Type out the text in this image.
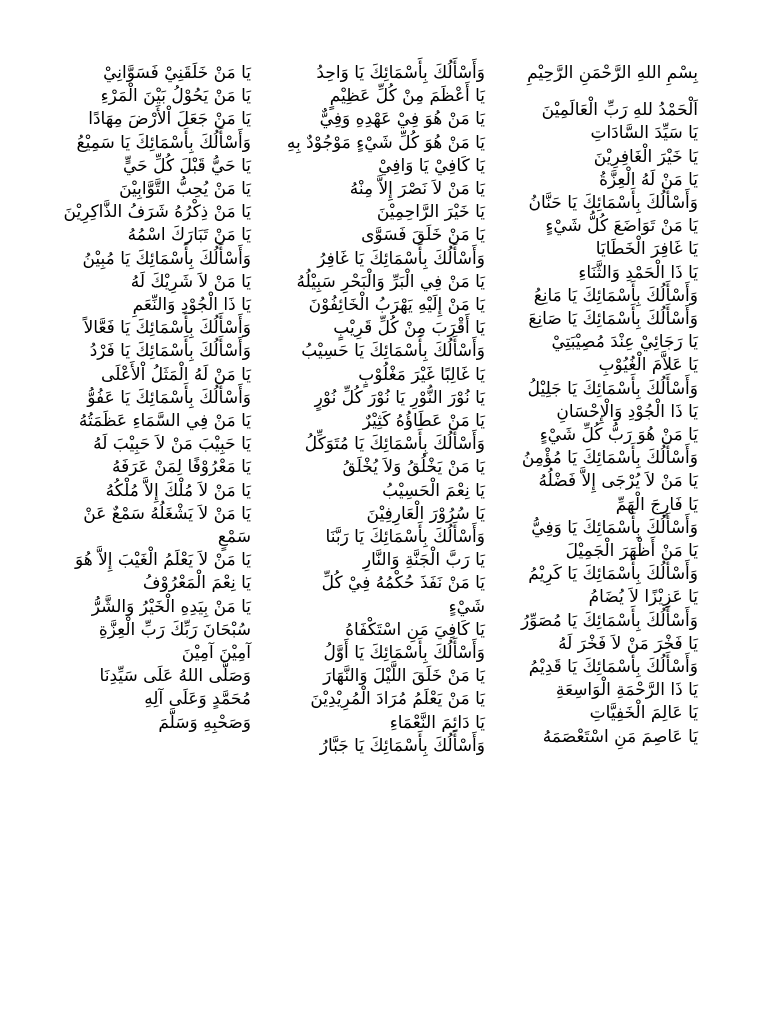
بِسْمِ اللهِ الرَّحْمَنِ الرَّحِيْمِ
اَلْحَمْدُ للهِ رَبِّ الْعَالَمِيْنَ
يَا سَيِّدَ السَّادَاتِ
يَا خَيْرَ الْغَافِرِيْنَ
يَا مَنْ لَهُ الْعِزَّةُ
وَأَسْأَلُكَ بِأَسْمَائِكَ يَا حَنَّانُ
يَا مَنْ تَوَاضَعَ كُلُّ شَيْءٍ
يَا غَافِرَ الْخَطَايَا
يَا ذَا الْحَمْدِ وَالثَّنَاءِ
وَأَسْأَلُكَ بِأَسْمَائِكَ يَا مَانِعُ
وَأَسْأَلُكَ بِأَسْمَائِكَ يَا صَانِعَ
يَا رَجَائِيْ عِنْدَ مُصِيْبَتِيْ
يَا عَلاَّمَ الْغُيُوْبِ
وَأَسْأَلُكَ بِأَسْمَائِكَ يَا جَلِيْلُ
يَا ذَا الْجُوْدِ وَالْإِحْسَانِ
يَا مَنْ هُوَ رَبُّ كُلِّ شَيْءٍ
وَأَسْأَلُكَ بِأَسْمَائِكَ يَا مُؤْمِنُ
يَا مَنْ لاَ يُرْجَى إِلاَّ فَضْلُهُ
يَا فَارِجَ الْهَمِّ
وَأَسْأَلُكَ بِأَسْمَائِكَ يَا وَفِيُّ
يَا مَنْ أَظْهَرَ الْجَمِيْلَ
وَأَسْأَلُكَ بِأَسْمَائِكَ يَا كَرِيْمُ
يَا عَزِيْزًا لاَ يُضَامُ
وَأَسْأَلُكَ بِأَسْمَائِكَ يَا مُصَوِّرُ
يَا فَخْرَ مَنْ لاَ فَخْرَ لَهُ
وَأَسْأَلُكَ بِأَسْمَائِكَ يَا قَدِيْمُ
يَا ذَا الرَّحْمَةِ الْوَاسِعَةِ
يَا عَالِمَ الْخَفِيَّاتِ
يَا عَاصِمَ مَنِ اسْتَعْصَمَهُ
وَأَسْأَلُكَ بِأَسْمَائِكَ يَا وَاحِدُ
يَا أَعْظَمَ مِنْ كُلِّ عَظِيْمٍ
يَا مَنْ هُوَ فِيْ عَهْدِهِ وَفِيٌّ
يَا مَنْ هُوَ كُلِّ شَيْءٍ مَوْجُوْدٌ بِهِ
يَا كَافِيْ يَا وَافِيْ
يَا مَنْ لاَ نَصْرَ إِلاَّ مِنْهُ
يَا خَيْرَ الرَّاحِمِيْنَ
يَا مَنْ خَلَقَ فَسَوَّى
وَأَسْأَلُكَ بِأَسْمَائِكَ يَا غَافِرُ
يَا مَنْ فِي الْبَرِّ وَالْبَحْرِ سَبِيْلُهُ
يَا مَنْ إِلَيْهِ يَهْرَبُ الْخَائِفُوْنَ
يَا أَقْرَبَ مِنْ كُلِّ قَرِيْبٍ
وَأَسْأَلُكَ بِأَسْمَائِكَ يَا حَسِيْبُ
يَا غَالِبًا غَيْرَ مَغْلُوْبٍ
يَا نُوْرَ النُّوْرِ يَا نُوْرَ كُلِّ نُوْرٍ
يَا مَنْ عَطَاؤُهُ كَثِيْرٌ
وَأَسْأَلُكَ بِأَسْمَائِكَ يَا مُتَوَكِّلُ
يَا مَنْ يَخْلُقُ وَلاَ يُخْلَقُ
يَا نِعْمَ الْحَسِيْبُ
يَا سُرُوْرَ الْعَارِفِيْنَ
وَأَسْأَلُكَ بِأَسْمَائِكَ يَا رَبَّنَا
يَا رَبَّ الْجَنَّةِ وَالنَّارِ
يَا مَنْ نَفَذَ حُكْمُهُ فِيْ كُلِّ شَيْءٍ
يَا كَافِيَ مَنِ اسْتَكْفَاهُ
وَأَسْأَلُكَ بِأَسْمَائِكَ يَا أَوَّلُ
يَا مَنْ خَلَقَ اللَّيْلَ وَالنَّهَارَ
يَا مَنْ يَعْلَمُ مُرَادَ الْمُرِيْدِيْنَ
يَا دَائِمَ النَّعْمَاءِ
وَأَسْأَلُكَ بِأَسْمَائِكَ يَا جَبَّارُ
يَا مَنْ خَلَقَنِيْ فَسَوَّانِيْ
يَا مَنْ يَحُوْلُ بَيْنَ الْمَرْءِ
يَا مَنْ جَعَلَ اْلأَرْضَ مِهَادًا
وَأَسْأَلُكَ بِأَسْمَائِكَ يَا سَمِيْعُ
يَا حَيُّ قَبْلَ كُلِّ حَيٍّ
يَا مَنْ يُحِبُّ التَّوَّابِيْنَ
يَا مَنْ ذِكْرُهُ شَرَفُ الذَّاكِرِيْنَ
يَا مَنْ تَبَارَكَ اسْمُهُ
وَأَسْأَلُكَ بِأَسْمَائِكَ يَا مُبِيْنُ
يَا مَنْ لاَ شَرِيْكَ لَهُ
يَا ذَا الْجُوْدِ وَالنِّعَمِ
وَأَسْأَلُكَ بِأَسْمَائِكَ يَا فَعَّالاً
وَأَسْأَلُكَ بِأَسْمَائِكَ يَا فَرْدُ
يَا مَنْ لَهُ الْمَثَلُ اْلأَعْلَى
وَأَسْأَلُكَ بِأَسْمَائِكَ يَا عَفُوُّ
يَا مَنْ فِي السَّمَاءِ عَظَمَتُهُ
يَا حَبِيْبَ مَنْ لاَ حَبِيْبَ لَهُ
يَا مَعْرُوْفًا لِمَنْ عَرَفَهُ
يَا مَنْ لاَ مُلْكَ إِلاَّ مُلْكُهُ
يَا مَنْ لاَ يَشْغَلُهُ سَمْعٌ عَنْ سَمْعٍ
يَا مَنْ لاَ يَعْلَمُ الْغَيْبَ إِلاَّ هُوَ
يَا نِعْمَ الْمَعْرُوْفُ
يَا مَنْ بِيَدِهِ الْخَيْرُ وَالشَّرُّ
سُبْحَانَ رَبِّكَ رَبِّ الْعِزَّةِ
آمِيْنَ آمِيْنَ
وَصَلَّى اللهُ عَلَى سَيِّدِنَا
مُحَمَّدٍ وَعَلَى آلِهِ
وَصَحْبِهِ وَسَلَّمَ
